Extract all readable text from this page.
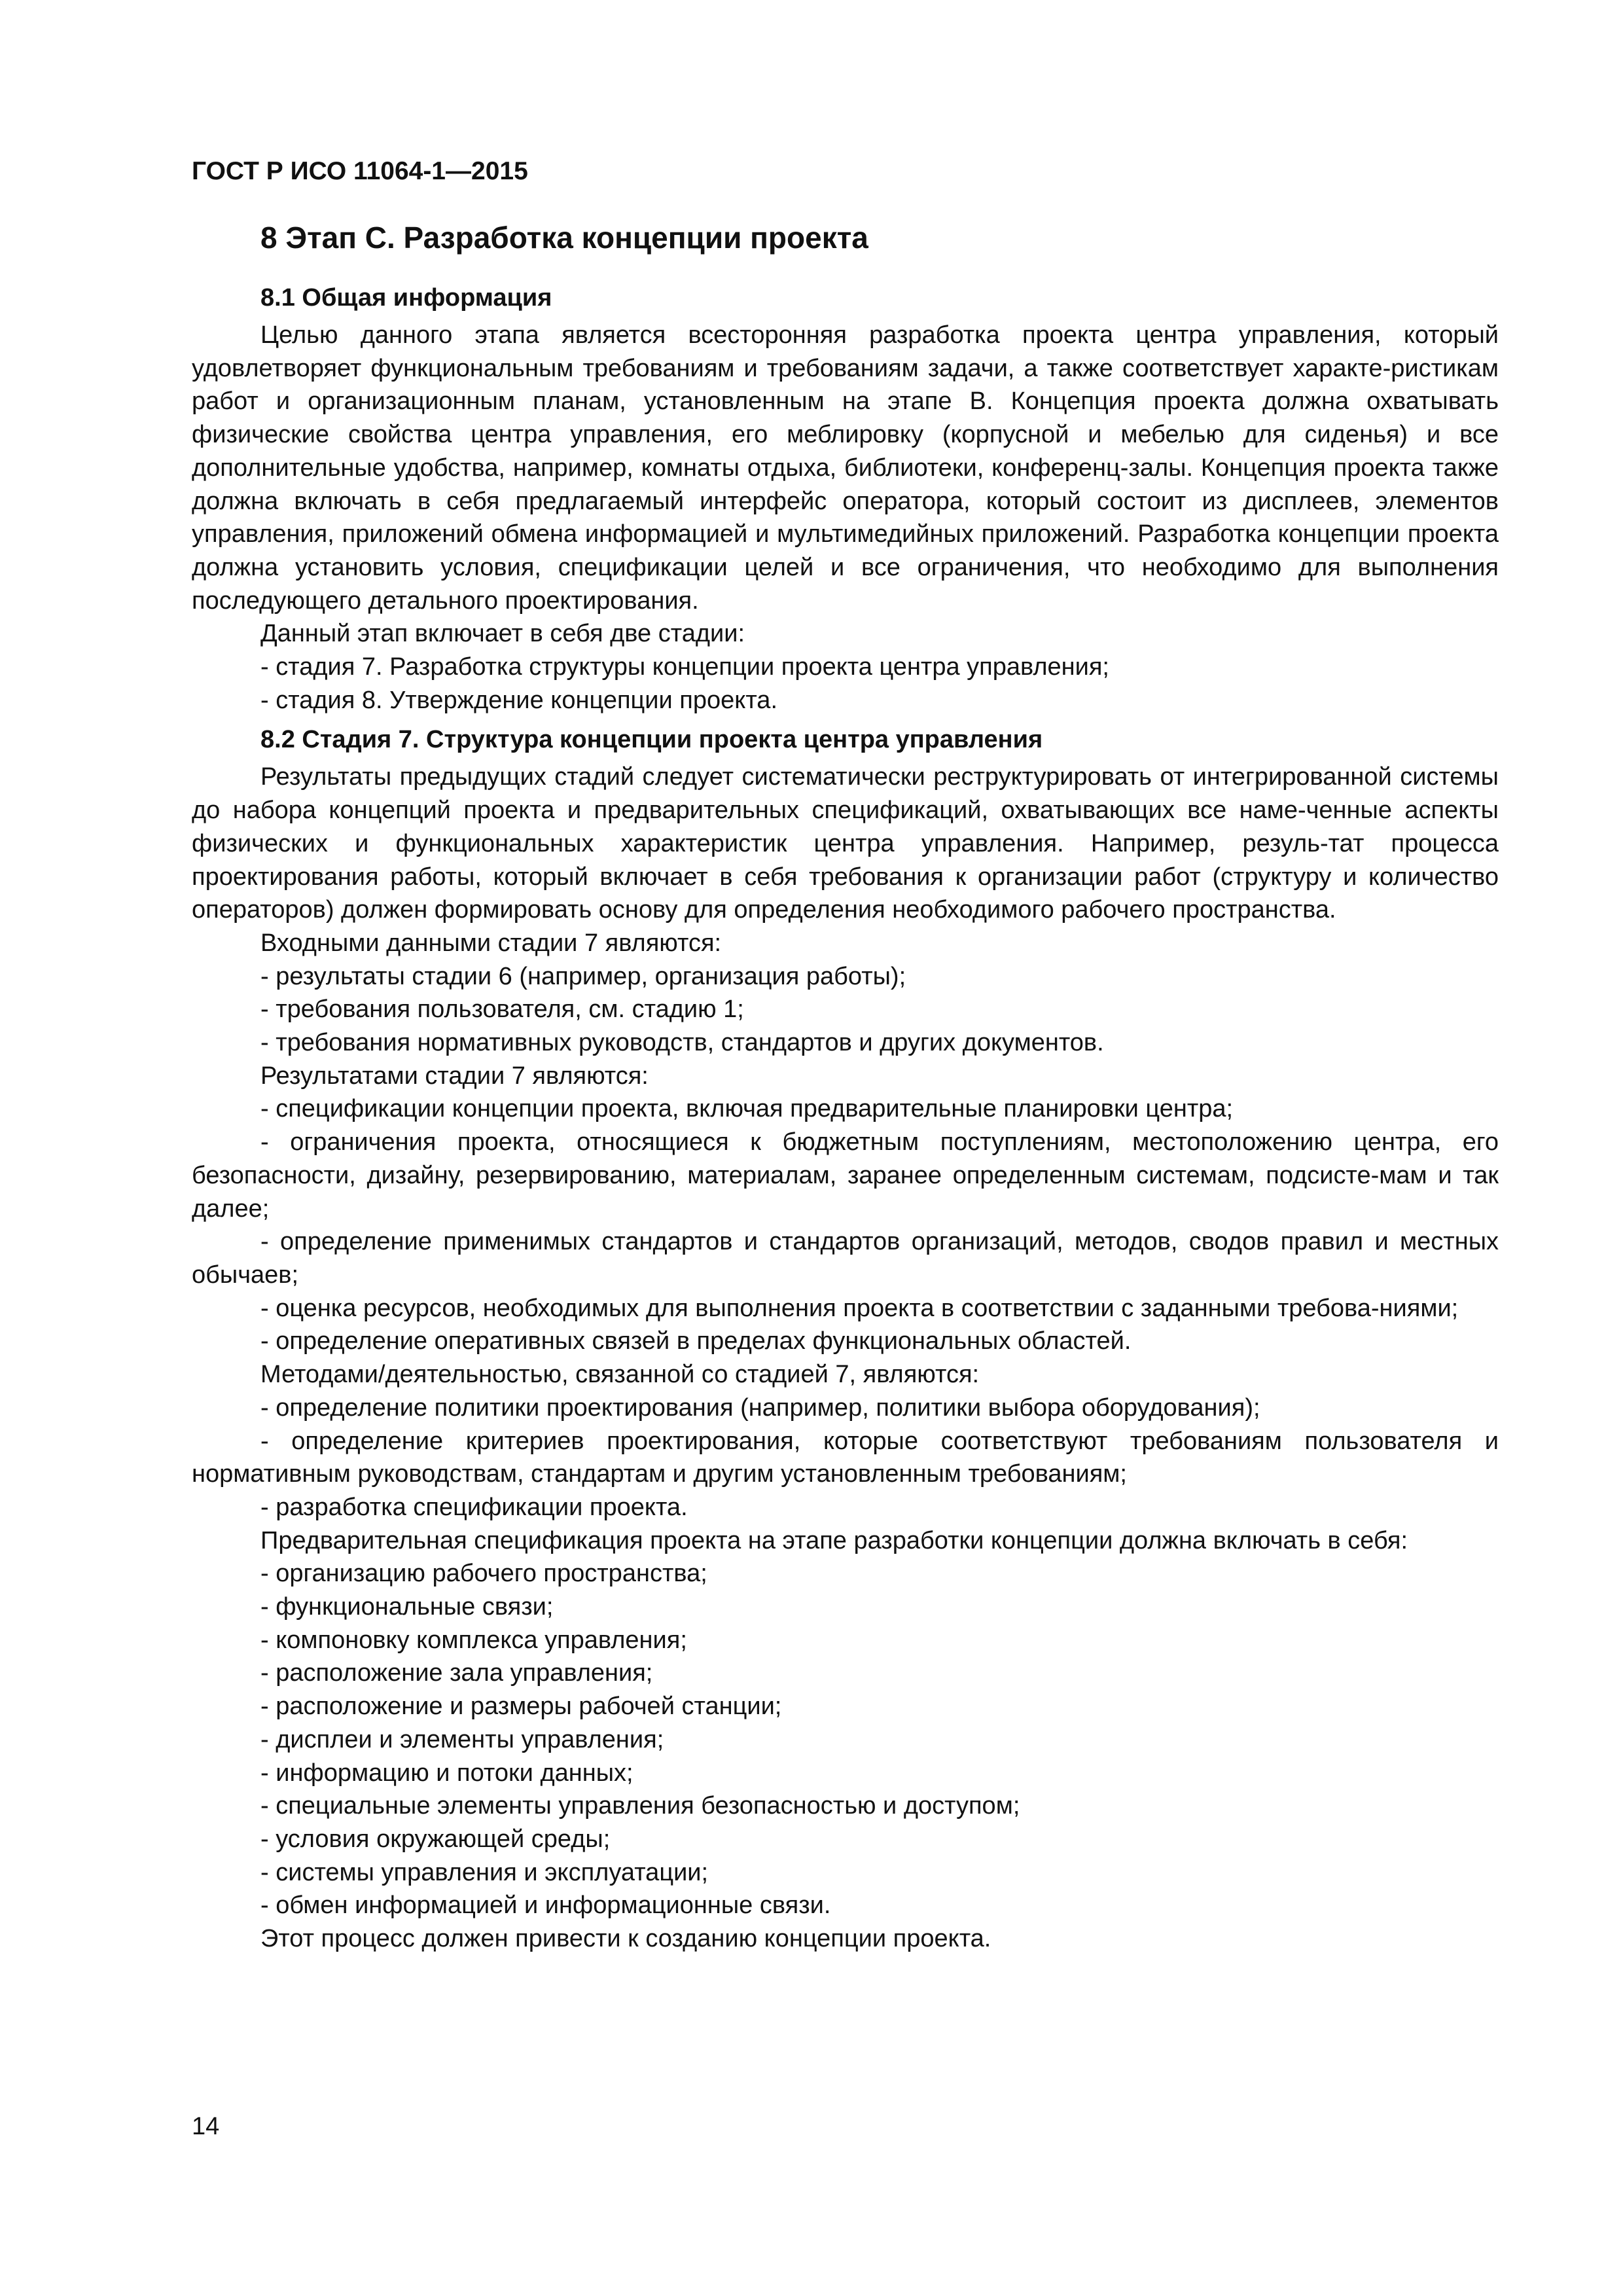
ГОСТ Р ИСО 11064-1—2015
8 Этап С. Разработка концепции проекта
8.1 Общая информация

Целью данного этапа является всесторонняя разработка проекта центра управления, который удовлетворяет функциональным требованиям и требованиям задачи, а также соответствует характе-ристикам работ и организационным планам, установленным на этапе В. Концепция проекта должна охватывать физические свойства центра управления, его меблировку (корпусной и мебелью для сиденья) и все дополнительные удобства, например, комнаты отдыха, библиотеки, конференц-залы. Концепция проекта также должна включать в себя предлагаемый интерфейс оператора, который состоит из дисплеев, элементов управления, приложений обмена информацией и мультимедийных приложений. Разработка концепции проекта должна установить условия, спецификации целей и все ограничения, что необходимо для выполнения последующего детального проектирования.

Данный этап включает в себя две стадии:
- стадия 7. Разработка структуры концепции проекта центра управления;
- стадия 8. Утверждение концепции проекта.
8.2 Стадия 7. Структура концепции проекта центра управления

Результаты предыдущих стадий следует систематически реструктурировать от интегрированной системы до набора концепций проекта и предварительных спецификаций, охватывающих все наме-ченные аспекты физических и функциональных характеристик центра управления. Например, резуль-тат процесса проектирования работы, который включает в себя требования к организации работ (структуру и количество операторов) должен формировать основу для определения необходимого рабочего пространства.

Входными данными стадии 7 являются:
- результаты стадии 6 (например, организация работы);
- требования пользователя, см. стадию 1;
- требования нормативных руководств, стандартов и других документов.
Результатами стадии 7 являются:
- спецификации концепции проекта, включая предварительные планировки центра;

- ограничения проекта, относящиеся к бюджетным поступлениям, местоположению центра, его безопасности, дизайну, резервированию, материалам, заранее определенным системам, подсисте-мам и так далее;

- определение применимых стандартов и стандартов организаций, методов, сводов правил и местных обычаев;

- оценка ресурсов, необходимых для выполнения проекта в соответствии с заданными требова-ниями;

- определение оперативных связей в пределах функциональных областей.
Методами/деятельностью, связанной со стадией 7, являются:
- определение политики проектирования (например, политики выбора оборудования);

- определение критериев проектирования, которые соответствуют требованиям пользователя и нормативным руководствам, стандартам и другим установленным требованиям;

- разработка спецификации проекта.

Предварительная спецификация проекта на этапе разработки концепции должна включать в себя:

- организацию рабочего пространства;
- функциональные связи;
- компоновку комплекса управления;
- расположение зала управления;
- расположение и размеры рабочей станции;
- дисплеи и элементы управления;
- информацию и потоки данных;
- специальные элементы управления безопасностью и доступом;
- условия окружающей среды;
- системы управления и эксплуатации;
- обмен информацией и информационные связи.
Этот процесс должен привести к созданию концепции проекта.
14
